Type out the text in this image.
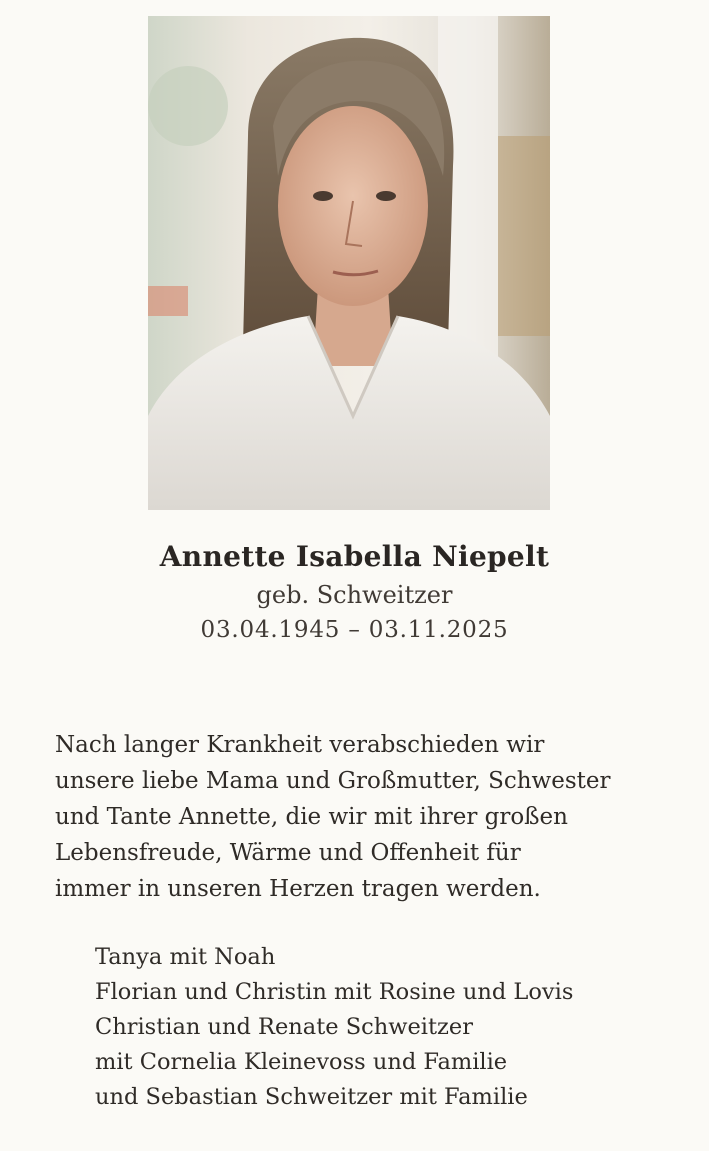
Annette Isabella Niepelt
geb. Schweitzer
03.04.1945 – 03.11.2025
Nach langer Krankheit verabschieden wir
unsere liebe Mama und Großmutter, Schwester
und Tante Annette, die wir mit ihrer großen
Lebensfreude, Wärme und Offenheit für
immer in unseren Herzen tragen werden.
Tanya mit Noah
Florian und Christin mit Rosine und Lovis
Christian und Renate Schweitzer
mit Cornelia Kleinevoss und Familie
und Sebastian Schweitzer mit Familie
